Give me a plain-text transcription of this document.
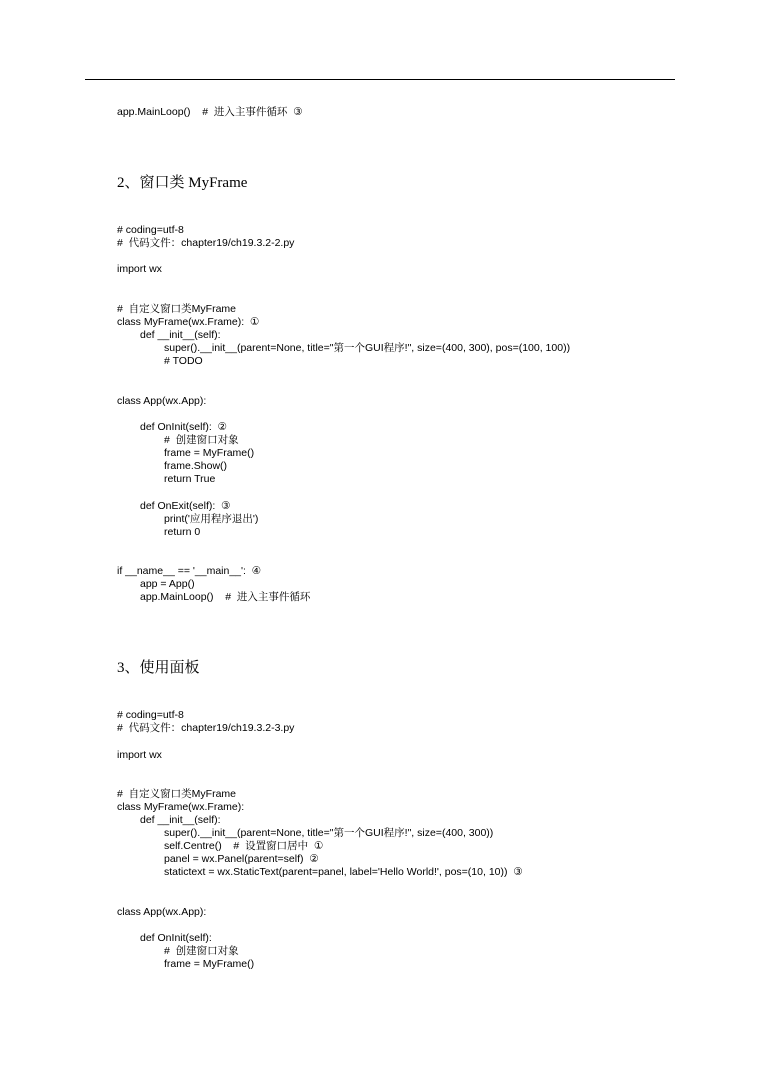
app.MainLoop()    #  进入主事件循环  ③
2、窗口类 MyFrame
# coding=utf-8
#  代码文件：chapter19/ch19.3.2-2.py
import wx
#  自定义窗口类MyFrame
class MyFrame(wx.Frame):  ①
def __init__(self):
super().__init__(parent=None, title="第一个GUI程序!", size=(400, 300), pos=(100, 100))
# TODO
class App(wx.App):
def OnInit(self):  ②
#  创建窗口对象
frame = MyFrame()
frame.Show()
return True
def OnExit(self):  ③
print('应用程序退出')
return 0
if __name__ == '__main__':  ④
app = App()
app.MainLoop()    #  进入主事件循环
3、使用面板
# coding=utf-8
#  代码文件：chapter19/ch19.3.2-3.py
import wx
#  自定义窗口类MyFrame
class MyFrame(wx.Frame):
def __init__(self):
super().__init__(parent=None, title="第一个GUI程序!", size=(400, 300))
self.Centre()    #  设置窗口居中  ①
panel = wx.Panel(parent=self)  ②
statictext = wx.StaticText(parent=panel, label='Hello World!', pos=(10, 10))  ③
class App(wx.App):
def OnInit(self):
#  创建窗口对象
frame = MyFrame()
